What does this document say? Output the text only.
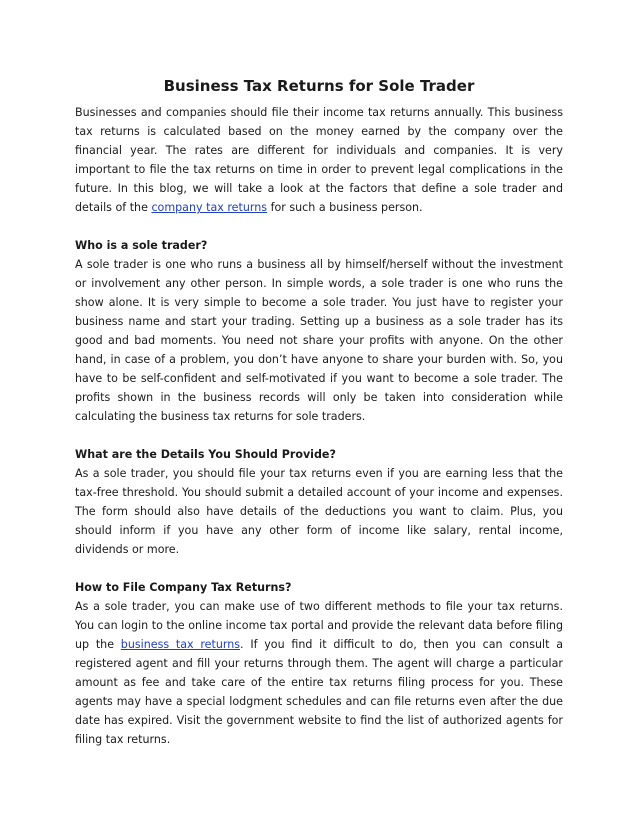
Business Tax Returns for Sole Trader

Businesses and companies should file their income tax returns annually. This business tax returns is calculated based on the money earned by the company over the financial year. The rates are different for individuals and companies. It is very important to file the tax returns on time in order to prevent legal complications in the future. In this blog, we will take a look at the factors that define a sole trader and details of the company tax returns for such a business person.

Who is a sole trader?

A sole trader is one who runs a business all by himself/herself without the investment or involvement any other person. In simple words, a sole trader is one who runs the show alone. It is very simple to become a sole trader. You just have to register your business name and start your trading. Setting up a business as a sole trader has its good and bad moments. You need not share your profits with anyone. On the other hand, in case of a problem, you don’t have anyone to share your burden with. So, you have to be self-confident and self-motivated if you want to become a sole trader. The profits shown in the business records will only be taken into consideration while calculating the business tax returns for sole traders.

What are the Details You Should Provide?

As a sole trader, you should file your tax returns even if you are earning less that the tax-free threshold. You should submit a detailed account of your income and expenses. The form should also have details of the deductions you want to claim. Plus, you should inform if you have any other form of income like salary, rental income, dividends or more.

How to File Company Tax Returns?

As a sole trader, you can make use of two different methods to file your tax returns. You can login to the online income tax portal and provide the relevant data before filing up the business tax returns. If you find it difficult to do, then you can consult a registered agent and fill your returns through them. The agent will charge a particular amount as fee and take care of the entire tax returns filing process for you. These agents may have a special lodgment schedules and can file returns even after the due date has expired. Visit the government website to find the list of authorized agents for filing tax returns.
